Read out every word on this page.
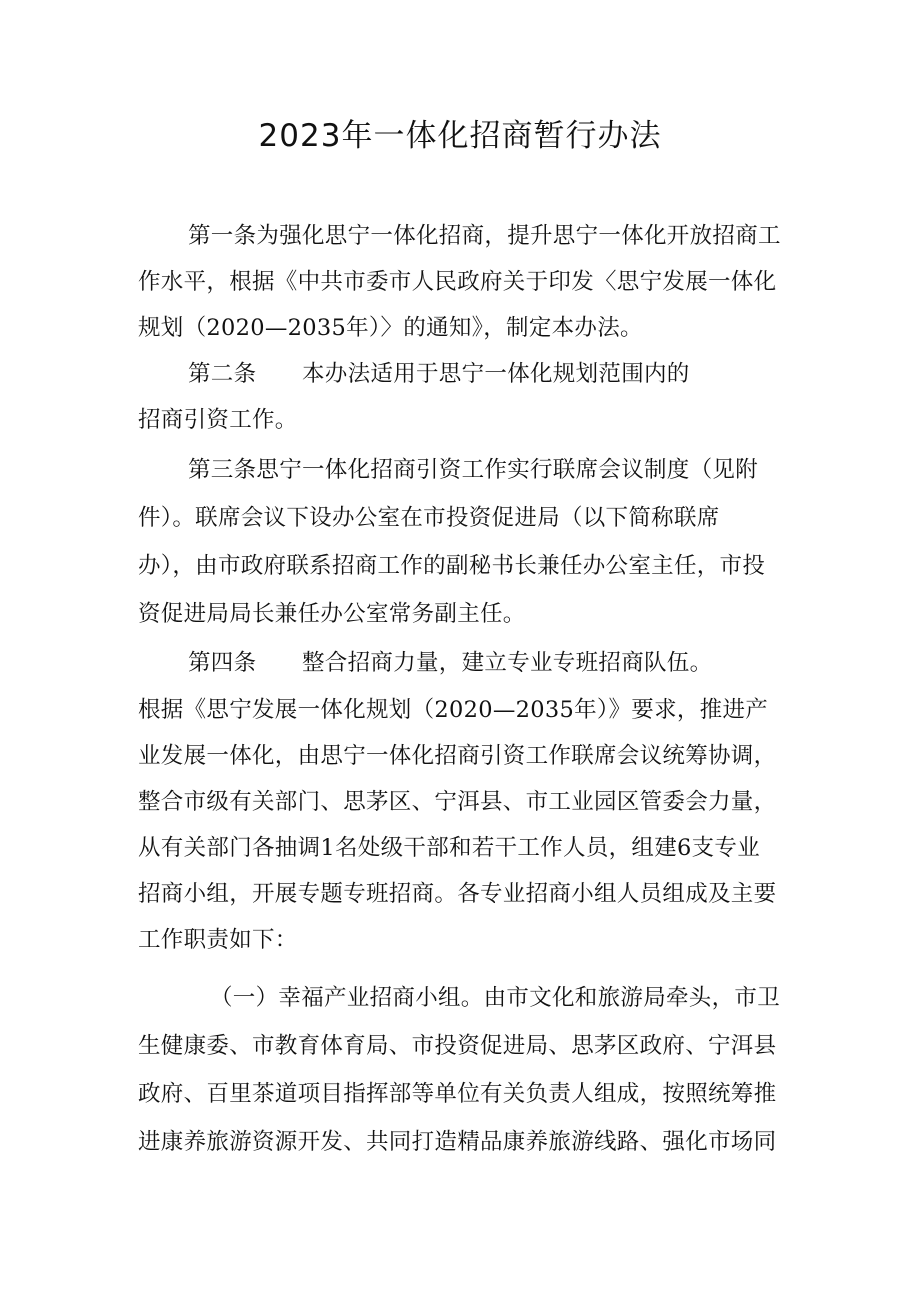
2023年一体化招商暂行办法
第一条为强化思宁一体化招商，提升思宁一体化开放招商工
作水平，根据《中共市委市人民政府关于印发〈思宁发展一体化
规划（2020—2035年）〉的通知》，制定本办法。
第二条　　本办法适用于思宁一体化规划范围内的
招商引资工作。
第三条思宁一体化招商引资工作实行联席会议制度（见附
件）。联席会议下设办公室在市投资促进局（以下简称联席
办），由市政府联系招商工作的副秘书长兼任办公室主任，市投
资促进局局长兼任办公室常务副主任。
第四条　　整合招商力量，建立专业专班招商队伍。
根据《思宁发展一体化规划（2020—2035年）》要求，推进产
业发展一体化，由思宁一体化招商引资工作联席会议统筹协调，
整合市级有关部门、思茅区、宁洱县、市工业园区管委会力量，
从有关部门各抽调1名处级干部和若干工作人员，组建6支专业
招商小组，开展专题专班招商。各专业招商小组人员组成及主要
工作职责如下：
（一）幸福产业招商小组。由市文化和旅游局牵头，市卫
生健康委、市教育体育局、市投资促进局、思茅区政府、宁洱县
政府、百里茶道项目指挥部等单位有关负责人组成，按照统筹推
进康养旅游资源开发、共同打造精品康养旅游线路、强化市场同
